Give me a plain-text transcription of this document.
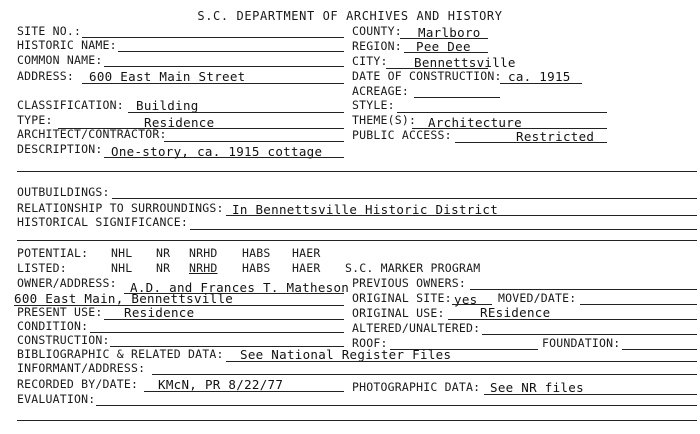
S.C. DEPARTMENT OF ARCHIVES AND HISTORY
SITE NO.:
HISTORIC NAME:
COMMON NAME:
ADDRESS: 600 East Main Street
COUNTY: Marlboro
REGION: Pee Dee
CITY: Bennettsville
DATE OF CONSTRUCTION: ca. 1915
ACREAGE:
CLASSIFICATION: Building
TYPE:	Residence
ARCHITECT/CONTRACTOR:
DESCRIPTION: One-story, ca. 1915 cottage
STYLE:
THEME(S): Architecture
PUBLIC ACCESS:	Restricted
OUTBUILDINGS:
RELATIONSHIP TO SURROUNDINGS: In Bennettsville Historic District
HISTORICAL SIGNIFICANCE:
POTENTIAL: NHL NR NRHD HABS HAER
LISTED:	NHL NR NRHD HABS HAER S.C. MARKER PROGRAM
OWNER/ADDRESS: A.D. and Frances T. Matheson
600 East Main, Bennettsville
PREVIOUS OWNERS:
ORIGINAL SITE: yes MOVED/DATE:
PRESENT USE: Residence	ORIGINAL USE:	REsidence
CONDITION:	ALTERED/UNALTERED:
CONSTRUCTION:	ROOF:	FOUNDATION:
BIBLIOGRAPHIC & RELATED DATA: See National Register Files
INFORMANT/ADDRESS:
RECORDED BY/DATE: KMcN, PR 8/22/77	PHOTOGRAPHIC DATA: See NR files
EVALUATION:
